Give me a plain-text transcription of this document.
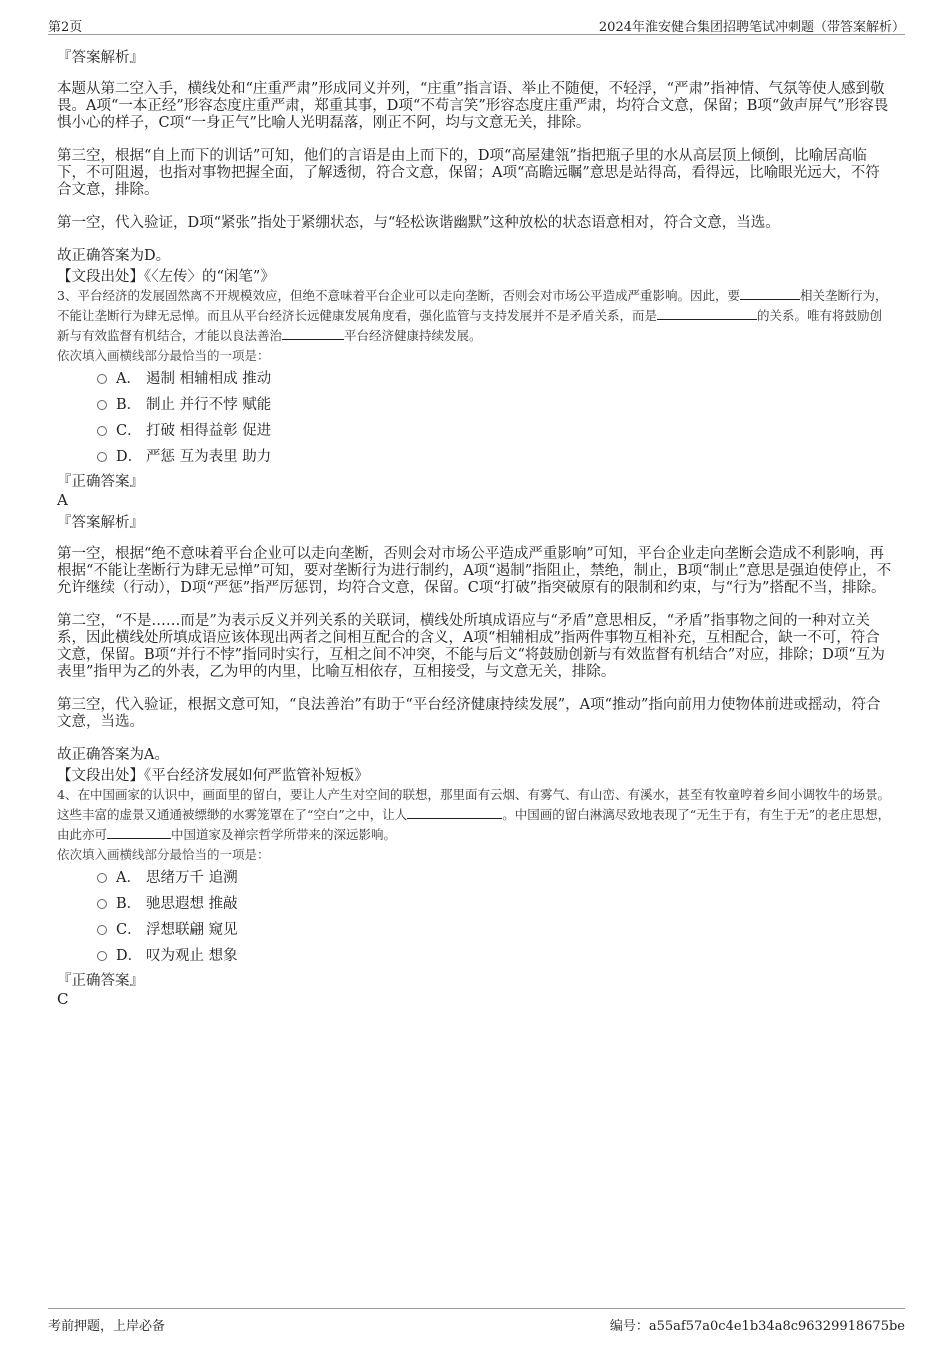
第2页	2024年淮安健合集团招聘笔试冲刺题（带答案解析）

『答案解析』

本题从第二空入手，横线处和“庄重严肃”形成同义并列，“庄重”指言语、举止不随便，不轻浮，“严肃”指神情、气氛等使人感到敬畏。A项“一本正经”形容态度庄重严肃，郑重其事，D项“不苟言笑”形容态度庄重严肃，均符合文意，保留；B项“敛声屏气”形容畏惧小心的样子，C项“一身正气”比喻人光明磊落，刚正不阿，均与文意无关，排除。

第三空，根据“自上而下的训话”可知，他们的言语是由上而下的，D项“高屋建瓴”指把瓶子里的水从高层顶上倾倒，比喻居高临下，不可阻遏，也指对事物把握全面，了解透彻，符合文意，保留；A项“高瞻远瞩”意思是站得高，看得远，比喻眼光远大，不符合文意，排除。

第一空，代入验证，D项“紧张”指处于紧绷状态，与“轻松诙谐幽默”这种放松的状态语意相对，符合文意，当选。

故正确答案为D。

【文段出处】《〈左传〉的“闲笔”》

3、平台经济的发展固然离不开规模效应，但绝不意味着平台企业可以走向垄断，否则会对市场公平造成严重影响。因此，要	相关垄断行为，不能让垄断行为肆无忌惮。而且从平台经济长远健康发展角度看，强化监管与支持发展并不是矛盾关系，而是	的关系。唯有将鼓励创新与有效监督有机结合，才能以良法善治	平台经济健康持续发展。

依次填入画横线部分最恰当的一项是：

A． 遏制 相辅相成 推动
B． 制止 并行不悖 赋能
C． 打破 相得益彰 促进
D． 严惩 互为表里 助力

『正确答案』

A

『答案解析』

第一空，根据“绝不意味着平台企业可以走向垄断，否则会对市场公平造成严重影响”可知，平台企业走向垄断会造成不利影响，再根据“不能让垄断行为肆无忌惮”可知，要对垄断行为进行制约，A项“遏制”指阻止，禁绝，制止，B项“制止”意思是强迫使停止，不允许继续（行动），D项“严惩”指严厉惩罚，均符合文意，保留。C项“打破”指突破原有的限制和约束，与“行为”搭配不当，排除。

第二空，“不是……而是”为表示反义并列关系的关联词，横线处所填成语应与“矛盾”意思相反，“矛盾”指事物之间的一种对立关系，因此横线处所填成语应该体现出两者之间相互配合的含义，A项“相辅相成”指两件事物互相补充，互相配合，缺一不可，符合文意，保留。B项“并行不悖”指同时实行，互相之间不冲突，不能与后文“将鼓励创新与有效监督有机结合”对应，排除；D项“互为表里”指甲为乙的外表，乙为甲的内里，比喻互相依存，互相接受，与文意无关，排除。

第三空，代入验证，根据文意可知，“良法善治”有助于“平台经济健康持续发展”，A项“推动”指向前用力使物体前进或摇动，符合文意，当选。

故正确答案为A。

【文段出处】《平台经济发展如何严监管补短板》

4、在中国画家的认识中，画面里的留白，要让人产生对空间的联想，那里面有云烟、有雾气、有山峦、有溪水，甚至有牧童哼着乡间小调牧牛的场景。这些丰富的虚景又通通被缥缈的水雾笼罩在了“空白”之中，让人	。中国画的留白淋漓尽致地表现了“无生于有，有生于无”的老庄思想，由此亦可	中国道家及禅宗哲学所带来的深远影响。

依次填入画横线部分最恰当的一项是：

A． 思绪万千 追溯
B． 驰思遐想 推敲
C． 浮想联翩 窥见
D． 叹为观止 想象

『正确答案』

C

考前押题，上岸必备	编号：a55af57a0c4e1b34a8c96329918675be
